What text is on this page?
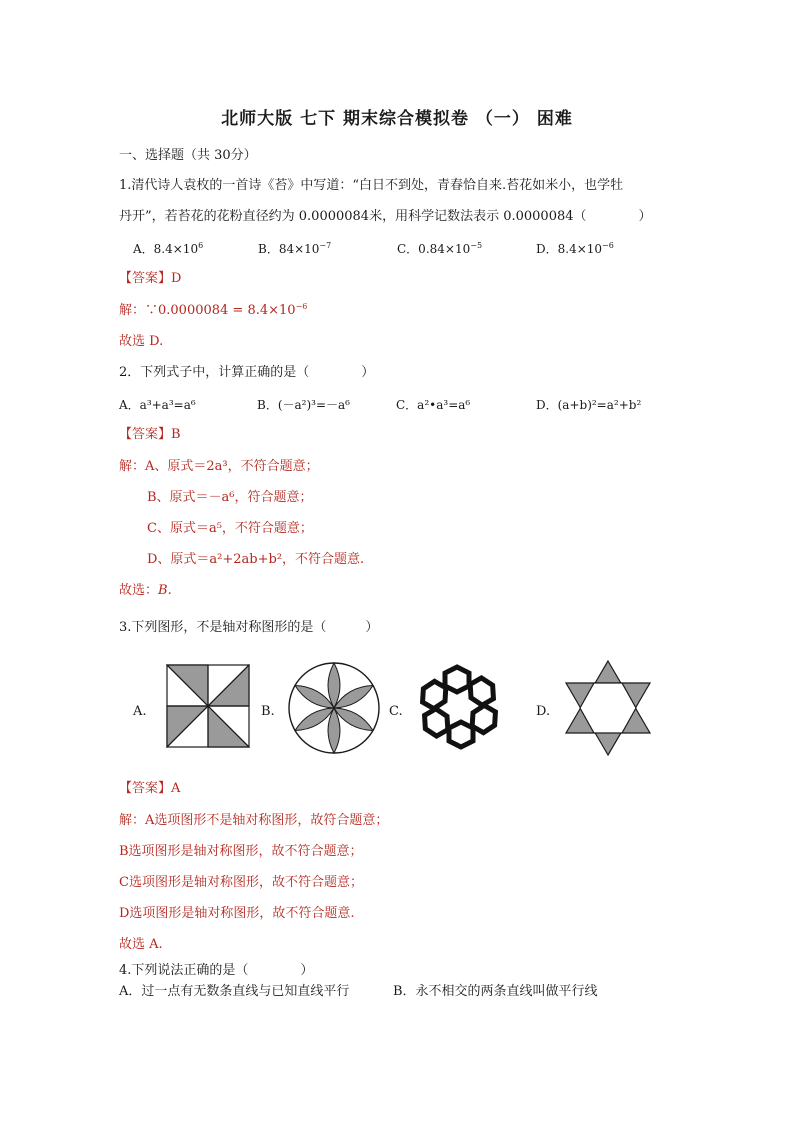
北师大版 七下 期末综合模拟卷 （一） 困难
一、选择题（共 30分）
1.清代诗人袁枚的一首诗《苔》中写道：“白日不到处，青春恰自来.苔花如米小，也学牡
丹开”，若苔花的花粉直径约为 0.0000084米，用科学记数法表示 0.0000084（　　　　）
A．$8.4\times 10^6$	B．$84\times 10^{-7}$	C．$0.84\times 10^{-5}$	D．$8.4\times 10^{-6}$
【答案】D
解：∵0.0000084 = $8.4\times 10^{-6}$
故选 D.
2．下列式子中，计算正确的是（　　　　）
A．a³+a³=a⁶	B．(－a²)³=－a⁶	C．a²•a³=a⁶	D．(a+b)²=a²+b²
【答案】B
解：A、原式＝2a³，不符合题意；
B、原式＝－a⁶，符合题意；
C、原式＝a⁵，不符合题意；
D、原式＝a²+2ab+b²，不符合题意.
故选：B.
3.下列图形，不是轴对称图形的是（　　　）
A.	B.	C.	D.
【答案】A
解：A选项图形不是轴对称图形，故符合题意；
B选项图形是轴对称图形，故不符合题意；
C选项图形是轴对称图形，故不符合题意；
D选项图形是轴对称图形，故不符合题意.
故选 A.
4.下列说法正确的是（　　　　）
A．过一点有无数条直线与已知直线平行	B．永不相交的两条直线叫做平行线
